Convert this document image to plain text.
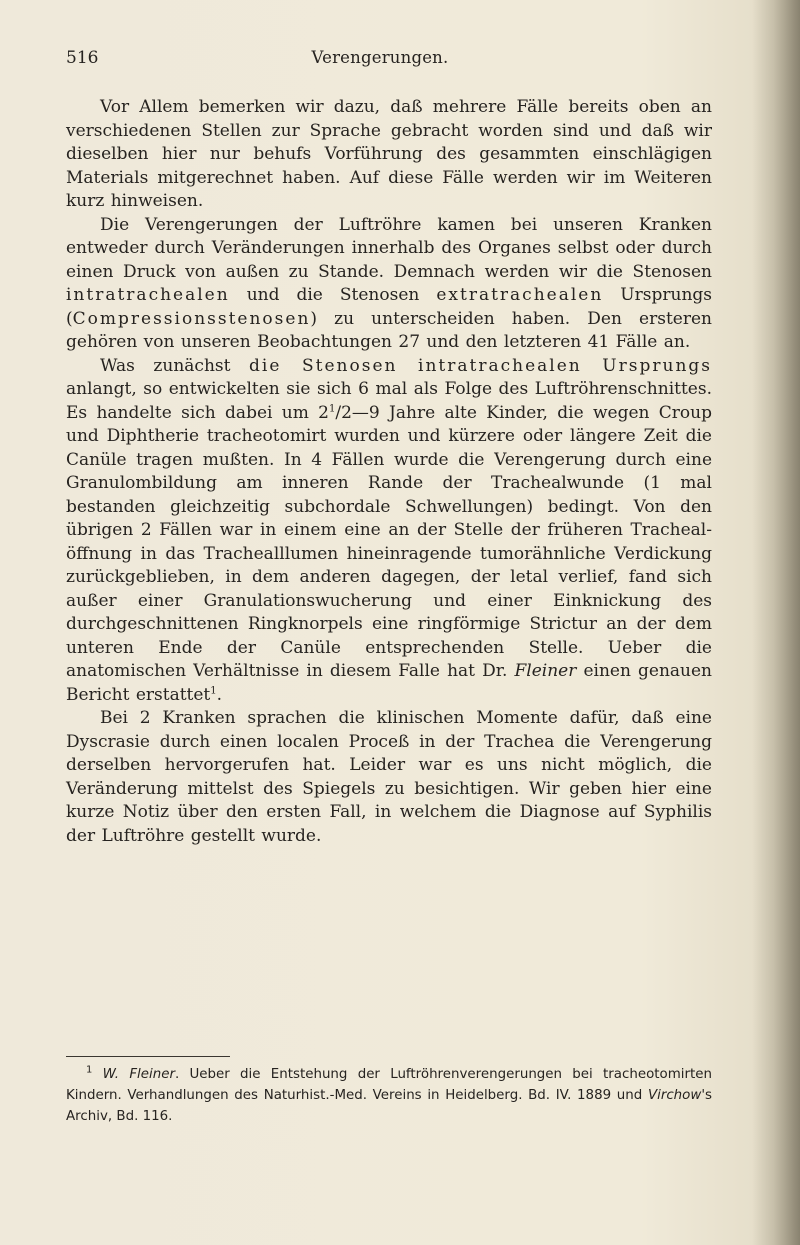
516	Verengerungen.

Vor Allem bemerken wir dazu, daß mehrere Fälle bereits oben an verschiedenen Stellen zur Sprache gebracht worden sind und daß wir dieselben hier nur behufs Vorführung des gesammten einschlägigen Materials mitgerechnet haben. Auf diese Fälle werden wir im Weiteren kurz hinweisen.

Die Verengerungen der Luftröhre kamen bei unseren Kranken entweder durch Veränderungen innerhalb des Organes selbst oder durch einen Druck von außen zu Stande. Demnach werden wir die Stenosen intratrachealen und die Stenosen extratrachealen Ursprungs (Compressionsstenosen) zu unterscheiden haben. Den ersteren gehören von unseren Beobachtungen 27 und den letzteren 41 Fälle an.

Was zunächst die Stenosen intratrachealen Ursprungs anlangt, so entwickelten sie sich 6 mal als Folge des Luftröhrenschnittes. Es handelte sich dabei um $2^1/2—9$ Jahre alte Kinder, die wegen Croup und Diphtherie tracheotomirt wurden und kürzere oder längere Zeit die Canüle tragen mußten. In 4 Fällen wurde die Verengerung durch eine Granulombildung am inneren Rande der Trachealwunde (1 mal bestanden gleichzeitig subchordale Schwellungen) bedingt. Von den übrigen 2 Fällen war in einem eine an der Stelle der früheren Trachealöffnung in das Trachealllumen hineinragende tumorähnliche Verdickung zurückgeblieben, in dem anderen dagegen, der letal verlief, fand sich außer einer Granulationswucherung und einer Einknickung des durchgeschnittenen Ringknorpels eine ringförmige Strictur an der dem unteren Ende der Canüle entsprechenden Stelle. Ueber die anatomischen Verhältnisse in diesem Falle hat Dr. Fleiner einen genauen Bericht erstattet$^1$.

Bei 2 Kranken sprachen die klinischen Momente dafür, daß eine Dyscrasie durch einen localen Proceß in der Trachea die Verengerung derselben hervorgerufen hat. Leider war es uns nicht möglich, die Veränderung mittelst des Spiegels zu besichtigen. Wir geben hier eine kurze Notiz über den ersten Fall, in welchem die Diagnose auf Syphilis der Luftröhre gestellt wurde.

$^1$ W. Fleiner. Ueber die Entstehung der Luftröhrenverengerungen bei tracheotomirten Kindern. Verhandlungen des Naturhist.-Med. Vereins in Heidelberg. Bd. IV. 1889 und Virchow's Archiv, Bd. 116.
